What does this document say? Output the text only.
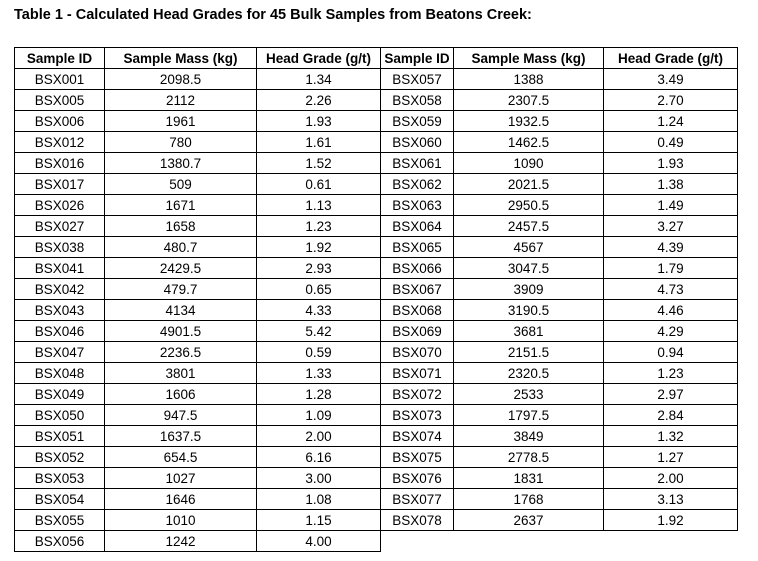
Table 1 - Calculated Head Grades for 45 Bulk Samples from Beatons Creek:
Sample ID	Sample Mass (kg)	Head Grade (g/t)	Sample ID	Sample Mass (kg)	Head Grade (g/t)
BSX001	2098.5	1.34	BSX057	1388	3.49
BSX005	2112	2.26	BSX058	2307.5	2.70
BSX006	1961	1.93	BSX059	1932.5	1.24
BSX012	780	1.61	BSX060	1462.5	0.49
BSX016	1380.7	1.52	BSX061	1090	1.93
BSX017	509	0.61	BSX062	2021.5	1.38
BSX026	1671	1.13	BSX063	2950.5	1.49
BSX027	1658	1.23	BSX064	2457.5	3.27
BSX038	480.7	1.92	BSX065	4567	4.39
BSX041	2429.5	2.93	BSX066	3047.5	1.79
BSX042	479.7	0.65	BSX067	3909	4.73
BSX043	4134	4.33	BSX068	3190.5	4.46
BSX046	4901.5	5.42	BSX069	3681	4.29
BSX047	2236.5	0.59	BSX070	2151.5	0.94
BSX048	3801	1.33	BSX071	2320.5	1.23
BSX049	1606	1.28	BSX072	2533	2.97
BSX050	947.5	1.09	BSX073	1797.5	2.84
BSX051	1637.5	2.00	BSX074	3849	1.32
BSX052	654.5	6.16	BSX075	2778.5	1.27
BSX053	1027	3.00	BSX076	1831	2.00
BSX054	1646	1.08	BSX077	1768	3.13
BSX055	1010	1.15	BSX078	2637	1.92
BSX056	1242	4.00			
